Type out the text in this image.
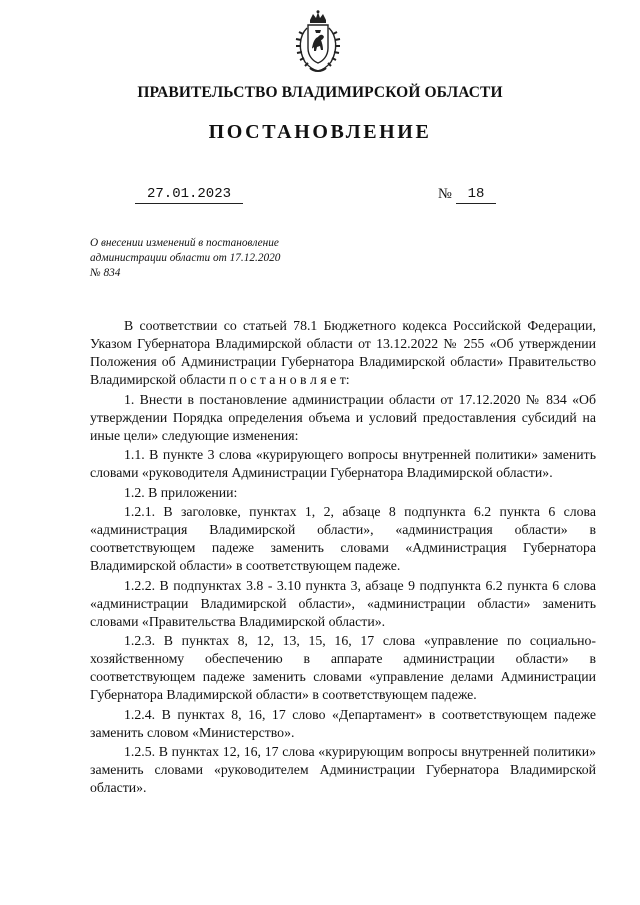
ПРАВИТЕЛЬСТВО ВЛАДИМИРСКОЙ ОБЛАСТИ
ПОСТАНОВЛЕНИЕ
27.01.2023	№	18
О внесении изменений в постановление
администрации области от 17.12.2020
№ 834

В соответствии со статьей 78.1 Бюджетного кодекса Российской Федерации, Указом Губернатора Владимирской области от 13.12.2022 № 255 «Об утверждении Положения об Администрации Губернатора Владимирской области» Правительство Владимирской области п о с т а н о в л я е т:

1. Внести в постановление администрации области от 17.12.2020 № 834 «Об утверждении Порядка определения объема и условий предоставления субсидий на иные цели» следующие изменения:

1.1. В пункте 3 слова «курирующего вопросы внутренней политики» заменить словами «руководителя Администрации Губернатора Владимирской области».

1.2. В приложении:

1.2.1. В заголовке, пунктах 1, 2, абзаце 8 подпункта 6.2 пункта 6 слова «администрация Владимирской области», «администрация области» в соответствующем падеже заменить словами «Администрация Губернатора Владимирской области» в соответствующем падеже.

1.2.2. В подпунктах 3.8 - 3.10 пункта 3, абзаце 9 подпункта 6.2 пункта 6 слова «администрации Владимирской области», «администрации области» заменить словами «Правительства Владимирской области».

1.2.3. В пунктах 8, 12, 13, 15, 16, 17 слова «управление по социально-хозяйственному обеспечению в аппарате администрации области» в соответствующем падеже заменить словами «управление делами Администрации Губернатора Владимирской области» в соответствующем падеже.

1.2.4. В пунктах 8, 16, 17 слово «Департамент» в соответствующем падеже заменить словом «Министерство».

1.2.5. В пунктах 12, 16, 17 слова «курирующим вопросы внутренней политики» заменить словами «руководителем Администрации Губернатора Владимирской области».
